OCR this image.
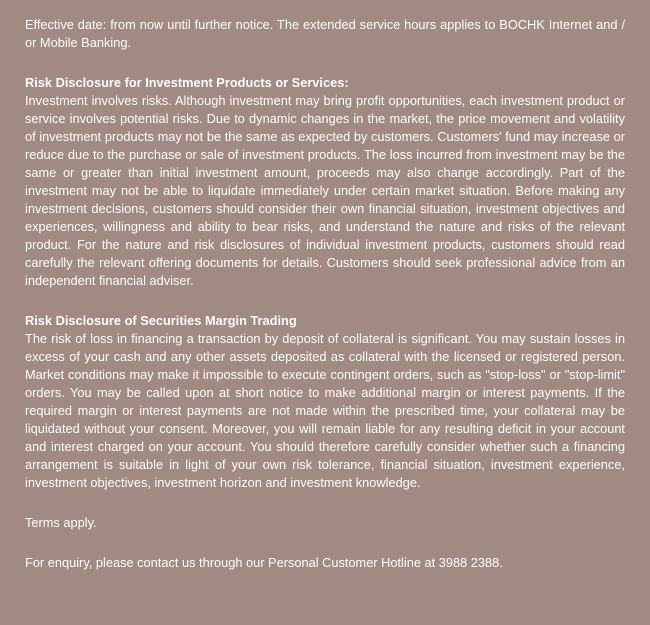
Effective date: from now until further notice. The extended service hours applies to BOCHK Internet and / or Mobile Banking.

Risk Disclosure for Investment Products or Services:

Investment involves risks. Although investment may bring profit opportunities, each investment product or service involves potential risks. Due to dynamic changes in the market, the price movement and volatility of investment products may not be the same as expected by customers. Customers' fund may increase or reduce due to the purchase or sale of investment products. The loss incurred from investment may be the same or greater than initial investment amount, proceeds may also change accordingly. Part of the investment may not be able to liquidate immediately under certain market situation. Before making any investment decisions, customers should consider their own financial situation, investment objectives and experiences, willingness and ability to bear risks, and understand the nature and risks of the relevant product. For the nature and risk disclosures of individual investment products, customers should read carefully the relevant offering documents for details. Customers should seek professional advice from an independent financial adviser.

Risk Disclosure of Securities Margin Trading

The risk of loss in financing a transaction by deposit of collateral is significant. You may sustain losses in excess of your cash and any other assets deposited as collateral with the licensed or registered person. Market conditions may make it impossible to execute contingent orders, such as "stop-loss" or "stop-limit" orders. You may be called upon at short notice to make additional margin or interest payments. If the required margin or interest payments are not made within the prescribed time, your collateral may be liquidated without your consent. Moreover, you will remain liable for any resulting deficit in your account and interest charged on your account. You should therefore carefully consider whether such a financing arrangement is suitable in light of your own risk tolerance, financial situation, investment experience, investment objectives, investment horizon and investment knowledge.

Terms apply.

For enquiry, please contact us through our Personal Customer Hotline at 3988 2388.
